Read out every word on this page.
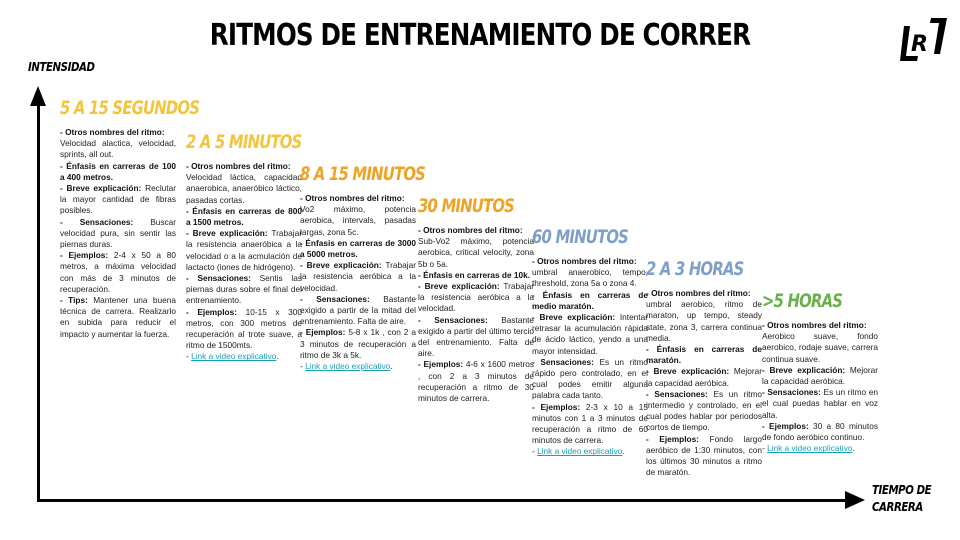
RITMOS DE ENTRENAMIENTO DE CORRER	R
INTENSIDAD
TIEMPO DE
CARRERA
5 A 15 SEGUNDOS

- Otros nombres del ritmo:
Velocidad alactica, velocidad, sprints, all out.

- Énfasis en carreras de 100 a 400 metros.

- Breve explicación: Reclutar la mayor cantidad de fibras posibles.

- Sensaciones: Buscar velocidad pura, sin sentir las piernas duras.

- Ejemplos: 2-4 x 50 a 80 metros, a máxima velocidad con más de 3 minutos de recuperación.

- Tips: Mantener una buena técnica de carrera. Realizarlo en subida para reducir el impacto y aumentar la fuerza.

2 A 5 MINUTOS

- Otros nombres del ritmo:
Velocidad láctica, capacidad anaerobica, anaeróbico láctico, pasadas cortas.

- Énfasis en carreras de 800 a 1500 metros.

- Breve explicación: Trabajar la resistencia anaeróbica a la velocidad o a la acmulación de lactacto (iones de hidrógeno).

- Sensaciones: Sentis las piernas duras sobre el final del entrenamiento.

- Ejemplos: 10-15 x 300 metros, con 300 metros de recuperación al trote suave, a ritmo de 1500mts.

- Link a video explicativo.

8 A 15 MINUTOS

- Otros nombres del ritmo:
Vo2 máximo, potencia aerobica, intervals, pasadas largas, zona 5c.

- Énfasis en carreras de 3000 a 5000 metros.

- Breve explicación: Trabajar la resistencia aeróbica a la velocidad.

- Sensaciones: Bastante exigido a partir de la mitad del entrenamiento. Falta de aire.

- Ejemplos: 5-8 x 1k , con 2 a 3 minutos de recuperación a ritmo de 3k a 5k.

- Link a video explicativo.

30 MINUTOS

- Otros nombres del ritmo:
Sub-Vo2 máximo, potencia aerobica, critical velocity, zona 5b o 5a.

- Énfasis en carreras de 10k.

- Breve explicación: Trabajar la resistencia aeróbica a la velocidad.

- Sensaciones: Bastante exigido a partir del último tercio del entrenamiento. Falta de aire.

- Ejemplos: 4-6 x 1600 metros , con 2 a 3 minutos de recuperación a ritmo de 30 minutos de carrera.

60 MINUTOS

- Otros nombres del ritmo:
umbral anaerobico, tempo, threshold, zona 5a o zona 4.

- Énfasis en carreras de medio maratón.

- Breve explicación: Intentar retrasar la acumulación rápida de ácido láctico, yendo a una mayor intensidad.

- Sensaciones: Es un ritmo rápido pero controlado, en el cual podes emitir alguna palabra cada tanto.

- Ejemplos: 2-3 x 10 a 15 minutos con 1 a 3 minutos de recuperación a ritmo de 60 minutos de carrera.

- Link a video explicativo.

2 A 3 HORAS

- Otros nombres del ritmo:
umbral aerobico, ritmo de maraton, up tempo, steady state, zona 3, carrera continua media.

- Énfasis en carreras de maratón.

- Breve explicación: Mejorar la capacidad aeróbica.

- Sensaciones: Es un ritmo intermedio y controlado, en el cual podes hablar por periodos cortos de tiempo.

- Ejemplos: Fondo largo aeróbico de 1:30 minutos, con los últimos 30 minutos a ritmo de maratón.

>5 HORAS

- Otros nombres del ritmo:
Aerobico suave, fondo aerobico, rodaje suave, carrera continua suave.

- Breve explicación: Mejorar la capacidad aeróbica.

- Sensaciones: Es un ritmo en el cual puedas hablar en voz alta.

- Ejemplos: 30 a 80 minutos de fondo aeróbico continuo.

- Link a video explicativo.
